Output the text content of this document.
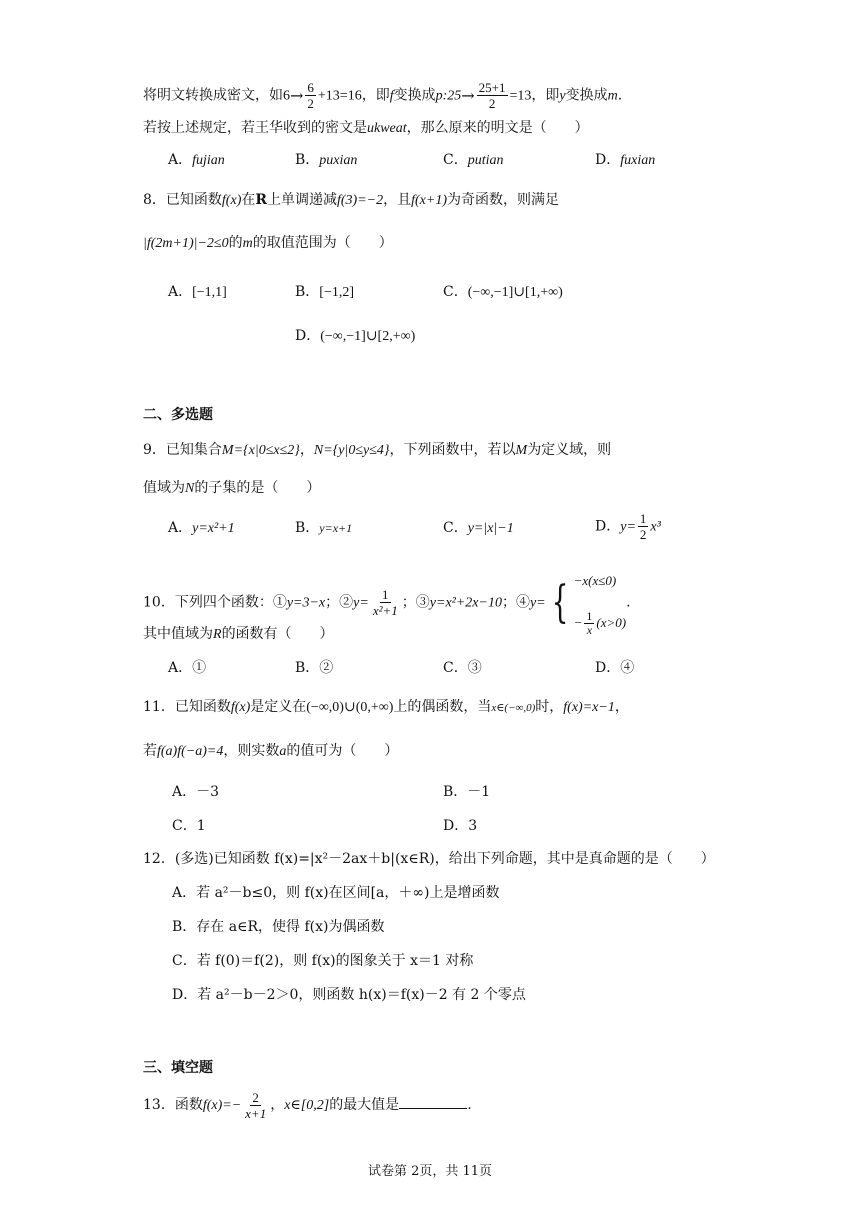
将明文转换成密文，如$6 \to \frac{6}{2} +13=16$，即f变换成p:25 → $\frac{25+1}{2} =13$，即y变换成m.
若按上述规定，若王华收到的密文是ukweat，那么原来的明文是（　　）
A．fujian	B．puxian	C．putian	D．fuxian
8．已知函数f(x)在R上单调递减f(3)=−2，且f(x+1)为奇函数，则满足
|f(2m+1)|−2≤0的m的取值范围为（　　）
A．[−1,1]	B．[−1,2]	C．(−∞,−1]∪[1,+∞)
D．(−∞,−1]∪[2,+∞)
二、多选题
9．已知集合M={x|0≤x≤2}，N={y|0≤y≤4}，下列函数中，若以M为定义域，则
值域为N的子集的是（　　）
A．y=x²+1	B．y=x+1	C．y=|x|−1	D．$y= \frac{1}{2} x^3$
10．下列四个函数：①y=3−x；②y= $\frac{1}{\text{x²+1}}$ ；③y=x²+2x−10；④y= { −x(x≤0)
− $\frac{1}{x} (x>0)$
.
其中值域为R的函数有（　　）
A．①	B．②	C．③	D．④
11．已知函数f(x)是定义在(−∞,0)∪(0,+∞)上的偶函数，当x∈(−∞,0)时，f(x)=x−1，
若f(a)f(−a)=4，则实数a的值可为（　　）
A．－3	B．－1
C．1	D．3
12．(多选)已知函数 f(x)=|x²－2ax＋b|(x∈R)，给出下列命题，其中是真命题的是（　　）
A．若 a²－b≤0，则 f(x)在区间[a，＋∞)上是增函数
B．存在 a∈R，使得 f(x)为偶函数
C．若 f(0)＝f(2)，则 f(x)的图象关于 x＝1 对称
D．若 a²－b－2＞0，则函数 h(x)＝f(x)－2 有 2 个零点
三、填空题
13．函数$f(x)=- \frac{2}{x+1}$ ，x∈[0,2]的最大值是	.
试卷第 2页，共 11页
